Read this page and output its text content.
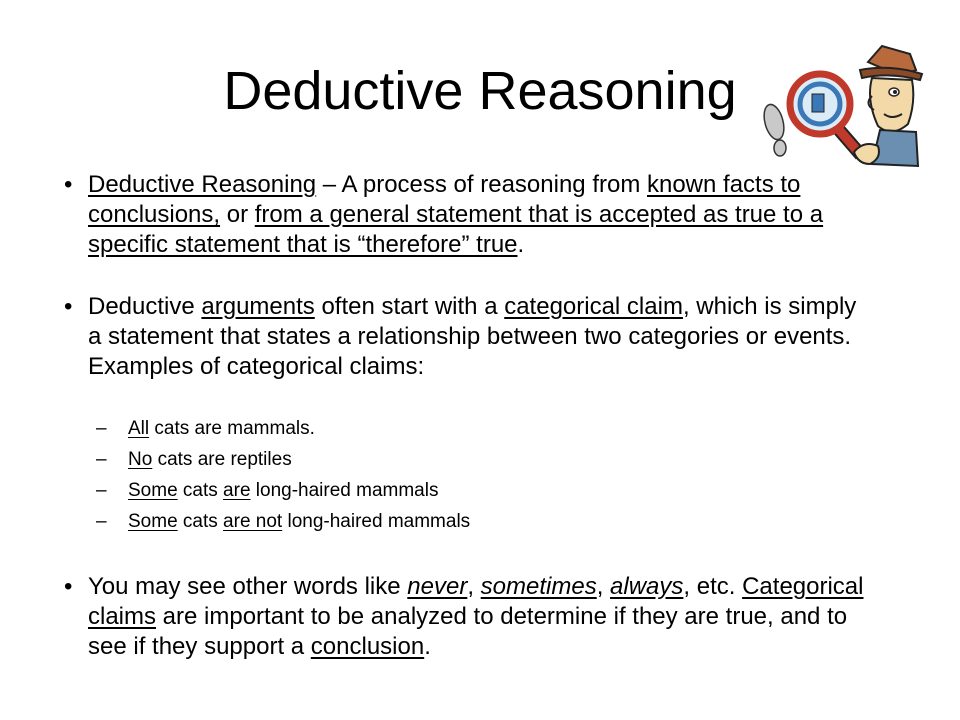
Deductive Reasoning

• Deductive Reasoning – A process of reasoning from known facts to conclusions, or from a general statement that is accepted as true to a specific statement that is “therefore” true.

• Deductive arguments often start with a categorical claim, which is simply a statement that states a relationship between two categories or events. Examples of categorical claims:

– All cats are mammals.

– No cats are reptiles

– Some cats are long-haired mammals

– Some cats are not long-haired mammals

• You may see other words like never, sometimes, always, etc. Categorical claims are important to be analyzed to determine if they are true, and to see if they support a conclusion.
